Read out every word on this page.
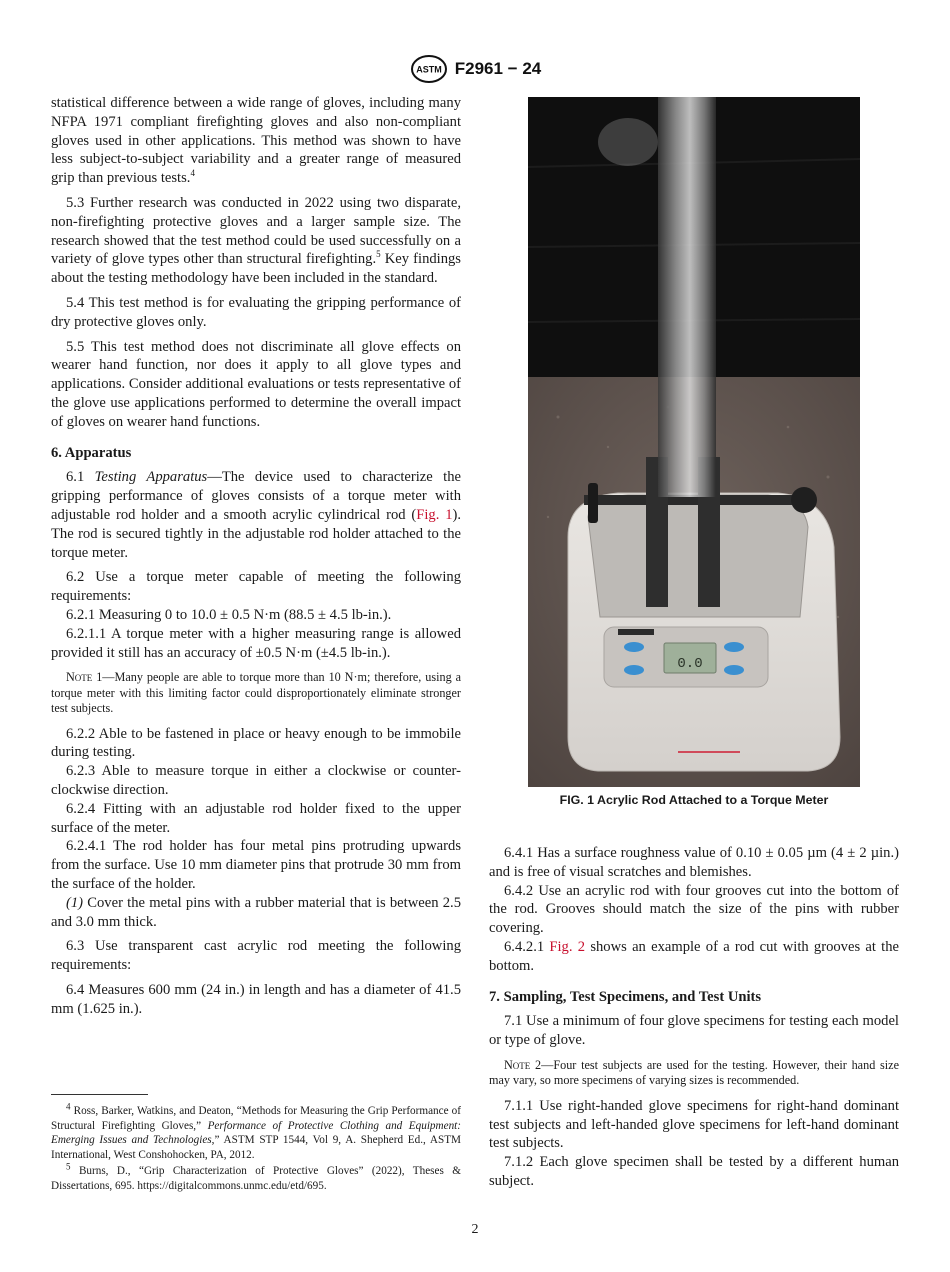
ASTM F2961 − 24

statistical difference between a wide range of gloves, including many NFPA 1971 compliant firefighting gloves and also non-compliant gloves used in other applications. This method was shown to have less subject-to-subject variability and a greater range of measured grip than previous tests.$^4$

5.3 Further research was conducted in 2022 using two disparate, non-firefighting protective gloves and a larger sample size. The research showed that the test method could be used successfully on a variety of glove types other than structural firefighting.$^5$ Key findings about the testing methodology have been included in the standard.

5.4 This test method is for evaluating the gripping performance of dry protective gloves only.

5.5 This test method does not discriminate all glove effects on wearer hand function, nor does it apply to all glove types and applications. Consider additional evaluations or tests representative of the glove use applications performed to determine the overall impact of gloves on wearer hand functions.

6. Apparatus

6.1 Testing Apparatus—The device used to characterize the gripping performance of gloves consists of a torque meter with adjustable rod holder and a smooth acrylic cylindrical rod (Fig. 1). The rod is secured tightly in the adjustable rod holder attached to the torque meter.

6.2 Use a torque meter capable of meeting the following requirements:

6.2.1 Measuring 0 to 10.0 ± 0.5 N·m (88.5 ± 4.5 lb-in.).

6.2.1.1 A torque meter with a higher measuring range is allowed provided it still has an accuracy of ±0.5 N·m (±4.5 lb-in.).

Note 1—Many people are able to torque more than 10 N·m; therefore, using a torque meter with this limiting factor could disproportionately eliminate stronger test subjects.

6.2.2 Able to be fastened in place or heavy enough to be immobile during testing.

6.2.3 Able to measure torque in either a clockwise or counter-clockwise direction.

6.2.4 Fitting with an adjustable rod holder fixed to the upper surface of the meter.

6.2.4.1 The rod holder has four metal pins protruding upwards from the surface. Use 10 mm diameter pins that protrude 30 mm from the surface of the holder.

(1) Cover the metal pins with a rubber material that is between 2.5 and 3.0 mm thick.

6.3 Use transparent cast acrylic rod meeting the following requirements:

6.4 Measures 600 mm (24 in.) in length and has a diameter of 41.5 mm (1.625 in.).

$^4$ Ross, Barker, Watkins, and Deaton, “Methods for Measuring the Grip Performance of Structural Firefighting Gloves,” Performance of Protective Clothing and Equipment: Emerging Issues and Technologies,” ASTM STP 1544, Vol 9, A. Shepherd Ed., ASTM International, West Conshohocken, PA, 2012.

$^5$ Burns, D., “Grip Characterization of Protective Gloves” (2022), Theses & Dissertations, 695. https://digitalcommons.unmc.edu/etd/695.

0.0
FIG. 1 Acrylic Rod Attached to a Torque Meter

6.4.1 Has a surface roughness value of 0.10 ± 0.05 µm (4 ± 2 µin.) and is free of visual scratches and blemishes.

6.4.2 Use an acrylic rod with four grooves cut into the bottom of the rod. Grooves should match the size of the pins with rubber covering.

6.4.2.1 Fig. 2 shows an example of a rod cut with grooves at the bottom.

7. Sampling, Test Specimens, and Test Units

7.1 Use a minimum of four glove specimens for testing each model or type of glove.

Note 2—Four test subjects are used for the testing. However, their hand size may vary, so more specimens of varying sizes is recommended.

7.1.1 Use right-handed glove specimens for right-hand dominant test subjects and left-handed glove specimens for left-hand dominant test subjects.

7.1.2 Each glove specimen shall be tested by a different human subject.

2
